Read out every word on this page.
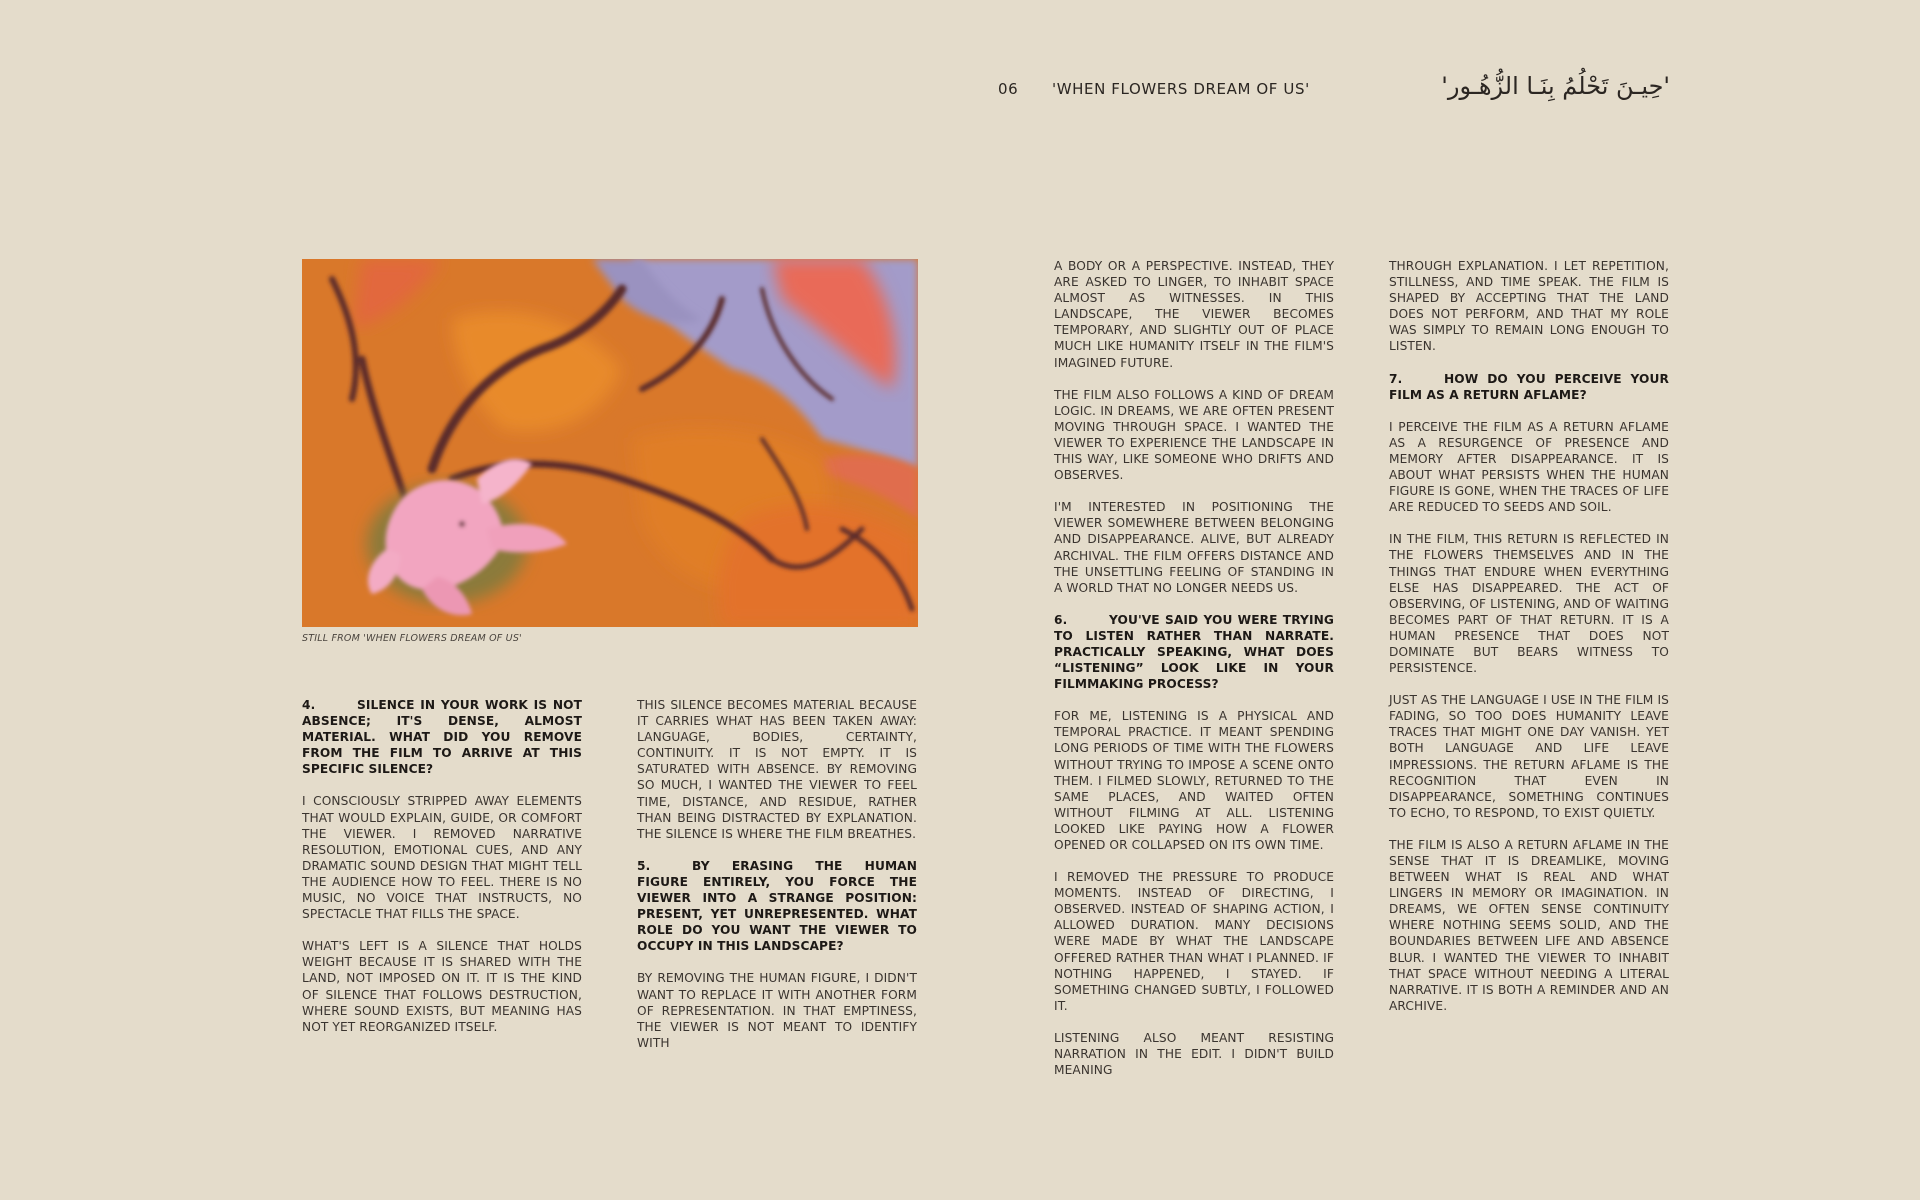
06 'WHEN FLOWERS DREAM OF US'	'حِيـنَ تَحْلُمُ بِنَـا الزُّهُـور'
STILL FROM 'WHEN FLOWERS DREAM OF US'

4.	SILENCE IN YOUR WORK IS NOT ABSENCE; IT'S DENSE, ALMOST MATERIAL. WHAT DID YOU REMOVE FROM THE FILM TO ARRIVE AT THIS SPECIFIC SILENCE?

I CONSCIOUSLY STRIPPED AWAY ELEMENTS THAT WOULD EXPLAIN, GUIDE, OR COMFORT THE VIEWER. I REMOVED NARRATIVE RESOLUTION, EMOTIONAL CUES, AND ANY DRAMATIC SOUND DESIGN THAT MIGHT TELL THE AUDIENCE HOW TO FEEL. THERE IS NO MUSIC, NO VOICE THAT INSTRUCTS, NO SPECTACLE THAT FILLS THE SPACE.

WHAT'S LEFT IS A SILENCE THAT HOLDS WEIGHT BECAUSE IT IS SHARED WITH THE LAND, NOT IMPOSED ON IT. IT IS THE KIND OF SILENCE THAT FOLLOWS DESTRUCTION, WHERE SOUND EXISTS, BUT MEANING HAS NOT YET REORGANIZED ITSELF.

THIS SILENCE BECOMES MATERIAL BECAUSE IT CARRIES WHAT HAS BEEN TAKEN AWAY: LANGUAGE, BODIES, CERTAINTY, CONTINUITY. IT IS NOT EMPTY. IT IS SATURATED WITH ABSENCE. BY REMOVING SO MUCH, I WANTED THE VIEWER TO FEEL TIME, DISTANCE, AND RESIDUE, RATHER THAN BEING DISTRACTED BY EXPLANATION. THE SILENCE IS WHERE THE FILM BREATHES.

5.	BY ERASING THE HUMAN FIGURE ENTIRELY, YOU FORCE THE VIEWER INTO A STRANGE POSITION: PRESENT, YET UNREPRESENTED. WHAT ROLE DO YOU WANT THE VIEWER TO OCCUPY IN THIS LANDSCAPE?

BY REMOVING THE HUMAN FIGURE, I DIDN'T WANT TO REPLACE IT WITH ANOTHER FORM OF REPRESENTATION. IN THAT EMPTINESS, THE VIEWER IS NOT MEANT TO IDENTIFY WITH

A BODY OR A PERSPECTIVE. INSTEAD, THEY ARE ASKED TO LINGER, TO INHABIT SPACE ALMOST AS WITNESSES. IN THIS LANDSCAPE, THE VIEWER BECOMES TEMPORARY, AND SLIGHTLY OUT OF PLACE MUCH LIKE HUMANITY ITSELF IN THE FILM'S IMAGINED FUTURE.

THE FILM ALSO FOLLOWS A KIND OF DREAM LOGIC. IN DREAMS, WE ARE OFTEN PRESENT MOVING THROUGH SPACE. I WANTED THE VIEWER TO EXPERIENCE THE LANDSCAPE IN THIS WAY, LIKE SOMEONE WHO DRIFTS AND OBSERVES.

I'M INTERESTED IN POSITIONING THE VIEWER SOMEWHERE BETWEEN BELONGING AND DISAPPEARANCE. ALIVE, BUT ALREADY ARCHIVAL. THE FILM OFFERS DISTANCE AND THE UNSETTLING FEELING OF STANDING IN A WORLD THAT NO LONGER NEEDS US.

6.	YOU'VE SAID YOU WERE TRYING TO LISTEN RATHER THAN NARRATE. PRACTICALLY SPEAKING, WHAT DOES “LISTENING” LOOK LIKE IN YOUR FILMMAKING PROCESS?

FOR ME, LISTENING IS A PHYSICAL AND TEMPORAL PRACTICE. IT MEANT SPENDING LONG PERIODS OF TIME WITH THE FLOWERS WITHOUT TRYING TO IMPOSE A SCENE ONTO THEM. I FILMED SLOWLY, RETURNED TO THE SAME PLACES, AND WAITED OFTEN WITHOUT FILMING AT ALL. LISTENING LOOKED LIKE PAYING HOW A FLOWER OPENED OR COLLAPSED ON ITS OWN TIME.

I REMOVED THE PRESSURE TO PRODUCE MOMENTS. INSTEAD OF DIRECTING, I OBSERVED. INSTEAD OF SHAPING ACTION, I ALLOWED DURATION. MANY DECISIONS WERE MADE BY WHAT THE LANDSCAPE OFFERED RATHER THAN WHAT I PLANNED. IF NOTHING HAPPENED, I STAYED. IF SOMETHING CHANGED SUBTLY, I FOLLOWED IT.

LISTENING ALSO MEANT RESISTING NARRATION IN THE EDIT. I DIDN'T BUILD MEANING

THROUGH EXPLANATION. I LET REPETITION, STILLNESS, AND TIME SPEAK. THE FILM IS SHAPED BY ACCEPTING THAT THE LAND DOES NOT PERFORM, AND THAT MY ROLE WAS SIMPLY TO REMAIN LONG ENOUGH TO LISTEN.

7.	HOW DO YOU PERCEIVE YOUR FILM AS A RETURN AFLAME?

I PERCEIVE THE FILM AS A RETURN AFLAME AS A RESURGENCE OF PRESENCE AND MEMORY AFTER DISAPPEARANCE. IT IS ABOUT WHAT PERSISTS WHEN THE HUMAN FIGURE IS GONE, WHEN THE TRACES OF LIFE ARE REDUCED TO SEEDS AND SOIL.

IN THE FILM, THIS RETURN IS REFLECTED IN THE FLOWERS THEMSELVES AND IN THE THINGS THAT ENDURE WHEN EVERYTHING ELSE HAS DISAPPEARED. THE ACT OF OBSERVING, OF LISTENING, AND OF WAITING BECOMES PART OF THAT RETURN. IT IS A HUMAN PRESENCE THAT DOES NOT DOMINATE BUT BEARS WITNESS TO PERSISTENCE.

JUST AS THE LANGUAGE I USE IN THE FILM IS FADING, SO TOO DOES HUMANITY LEAVE TRACES THAT MIGHT ONE DAY VANISH. YET BOTH LANGUAGE AND LIFE LEAVE IMPRESSIONS. THE RETURN AFLAME IS THE RECOGNITION THAT EVEN IN DISAPPEARANCE, SOMETHING CONTINUES TO ECHO, TO RESPOND, TO EXIST QUIETLY.

THE FILM IS ALSO A RETURN AFLAME IN THE SENSE THAT IT IS DREAMLIKE, MOVING BETWEEN WHAT IS REAL AND WHAT LINGERS IN MEMORY OR IMAGINATION. IN DREAMS, WE OFTEN SENSE CONTINUITY WHERE NOTHING SEEMS SOLID, AND THE BOUNDARIES BETWEEN LIFE AND ABSENCE BLUR. I WANTED THE VIEWER TO INHABIT THAT SPACE WITHOUT NEEDING A LITERAL NARRATIVE. IT IS BOTH A REMINDER AND AN ARCHIVE.
